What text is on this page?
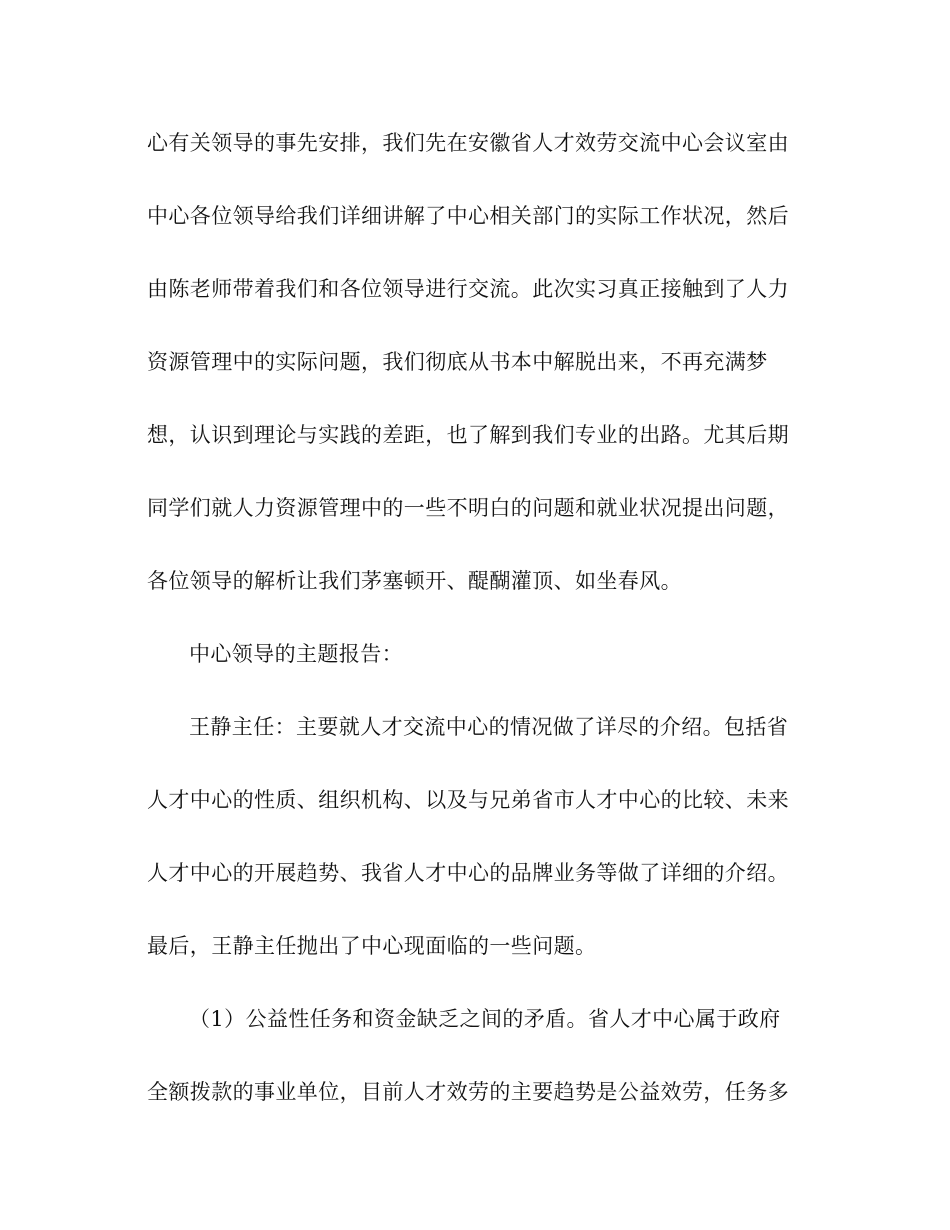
心有关领导的事先安排，我们先在安徽省人才效劳交流中心会议室由
中心各位领导给我们详细讲解了中心相关部门的实际工作状况，然后
由陈老师带着我们和各位领导进行交流。此次实习真正接触到了人力
资源管理中的实际问题，我们彻底从书本中解脱出来，不再充满梦
想，认识到理论与实践的差距，也了解到我们专业的出路。尤其后期
同学们就人力资源管理中的一些不明白的问题和就业状况提出问题，
各位领导的解析让我们茅塞顿开、醍醐灌顶、如坐春风。
中心领导的主题报告：
王静主任：主要就人才交流中心的情况做了详尽的介绍。包括省
人才中心的性质、组织机构、以及与兄弟省市人才中心的比较、未来
人才中心的开展趋势、我省人才中心的品牌业务等做了详细的介绍。
最后，王静主任抛出了中心现面临的一些问题。
（1）公益性任务和资金缺乏之间的矛盾。省人才中心属于政府
全额拨款的事业单位，目前人才效劳的主要趋势是公益效劳，任务多
